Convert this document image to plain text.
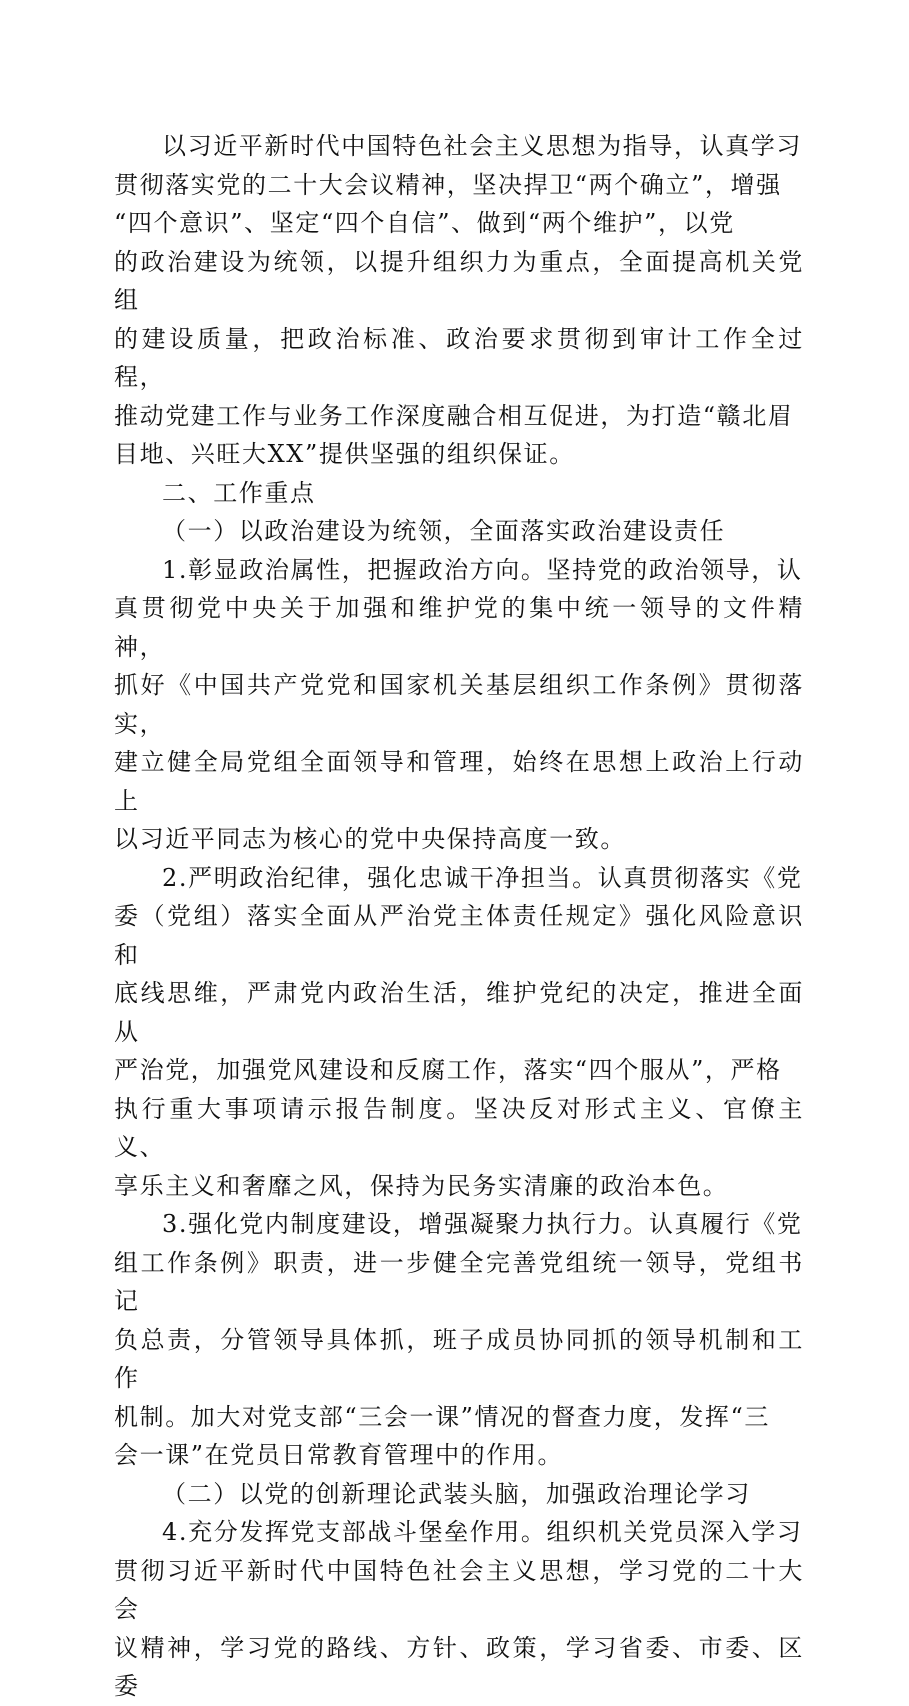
以习近平新时代中国特色社会主义思想为指导，认真学习
贯彻落实党的二十大会议精神，坚决捍卫“两个确立”，增强
“四个意识”、坚定“四个自信”、做到“两个维护”，以党
的政治建设为统领，以提升组织力为重点，全面提高机关党组
的建设质量，把政治标准、政治要求贯彻到审计工作全过程，
推动党建工作与业务工作深度融合相互促进，为打造“赣北眉
目地、兴旺大XX”提供坚强的组织保证。

二、工作重点

（一）以政治建设为统领，全面落实政治建设责任

1.彰显政治属性，把握政治方向。坚持党的政治领导，认
真贯彻党中央关于加强和维护党的集中统一领导的文件精神，
抓好《中国共产党党和国家机关基层组织工作条例》贯彻落实，
建立健全局党组全面领导和管理，始终在思想上政治上行动上
以习近平同志为核心的党中央保持高度一致。

2.严明政治纪律，强化忠诚干净担当。认真贯彻落实《党
委（党组）落实全面从严治党主体责任规定》强化风险意识和
底线思维，严肃党内政治生活，维护党纪的决定，推进全面从
严治党，加强党风建设和反腐工作，落实“四个服从”，严格
执行重大事项请示报告制度。坚决反对形式主义、官僚主义、
享乐主义和奢靡之风，保持为民务实清廉的政治本色。

3.强化党内制度建设，增强凝聚力执行力。认真履行《党
组工作条例》职责，进一步健全完善党组统一领导，党组书记
负总责，分管领导具体抓，班子成员协同抓的领导机制和工作
机制。加大对党支部“三会一课”情况的督查力度，发挥“三
会一课”在党员日常教育管理中的作用。

（二）以党的创新理论武装头脑，加强政治理论学习

4.充分发挥党支部战斗堡垒作用。组织机关党员深入学习
贯彻习近平新时代中国特色社会主义思想，学习党的二十大会
议精神，学习党的路线、方针、政策，学习省委、市委、区委
